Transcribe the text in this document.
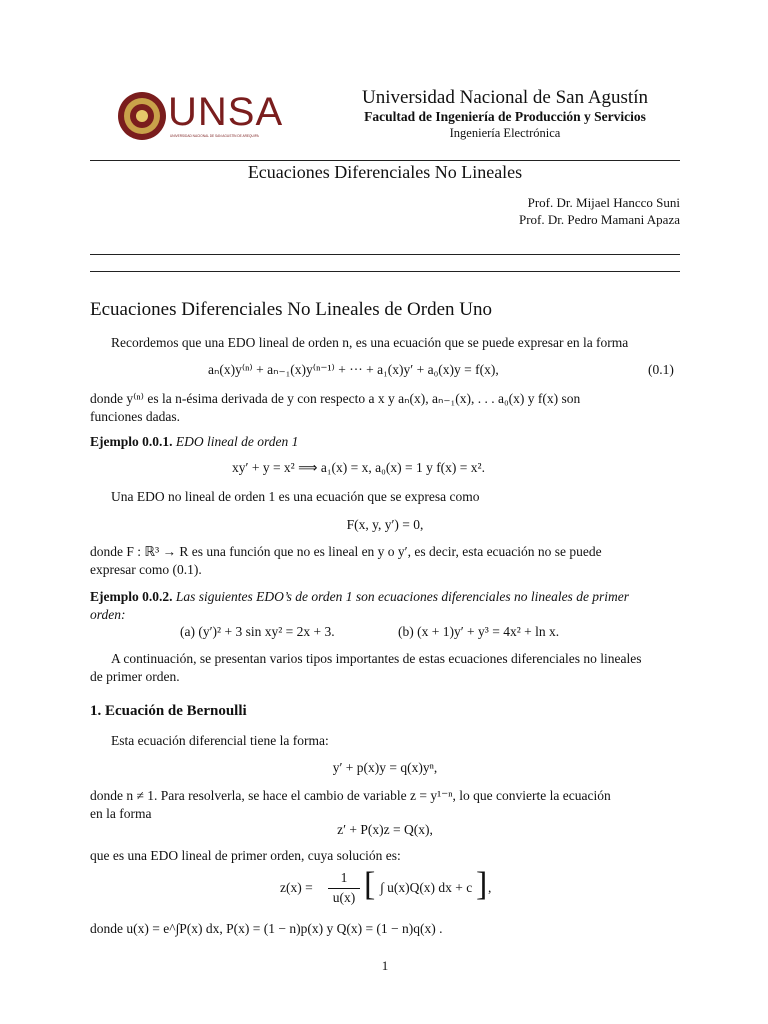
UNSA
UNIVERSIDAD NACIONAL DE SAN AGUSTÍN DE AREQUIPA
Universidad Nacional de San Agustín
Facultad de Ingeniería de Producción y Servicios
Ingeniería Electrónica
Ecuaciones Diferenciales No Lineales
Prof. Dr. Mijael Hancco Suni
Prof. Dr. Pedro Mamani Apaza
Ecuaciones Diferenciales No Lineales de Orden Uno
Recordemos que una EDO lineal de orden n, es una ecuación que se puede expresar en la forma
aₙ(x)y⁽ⁿ⁾ + aₙ₋₁(x)y⁽ⁿ⁻¹⁾ + ··· + a₁(x)y′ + a₀(x)y = f(x),	(0.1)
donde y⁽ⁿ⁾ es la n-ésima derivada de y con respecto a x y aₙ(x), aₙ₋₁(x), . . . a₀(x) y f(x) son
funciones dadas.
Ejemplo 0.0.1. EDO lineal de orden 1
xy′ + y = x² ⟹ a₁(x) = x, a₀(x) = 1 y f(x) = x².
Una EDO no lineal de orden 1 es una ecuación que se expresa como
F(x, y, y′) = 0,
donde F : ℝ³ → R es una función que no es lineal en y o y′, es decir, esta ecuación no se puede
expresar como (0.1).
Ejemplo 0.0.2. Las siguientes EDO’s de orden 1 son ecuaciones diferenciales no lineales de primer
orden:
(a) (y′)² + 3 sin xy² = 2x + 3.	(b) (x + 1)y′ + y³ = 4x² + ln x.
A continuación, se presentan varios tipos importantes de estas ecuaciones diferenciales no lineales
de primer orden.
1. Ecuación de Bernoulli
Esta ecuación diferencial tiene la forma:
y′ + p(x)y = q(x)yⁿ,
donde n ≠ 1. Para resolverla, se hace el cambio de variable z = y¹⁻ⁿ, lo que convierte la ecuación
en la forma
z′ + P(x)z = Q(x),
que es una EDO lineal de primer orden, cuya solución es:
z(x) =
1
u(x) [ ∫ u(x)Q(x) dx + c ] ,
donde u(x) = e^∫P(x) dx, P(x) = (1 − n)p(x) y Q(x) = (1 − n)q(x) .
1
